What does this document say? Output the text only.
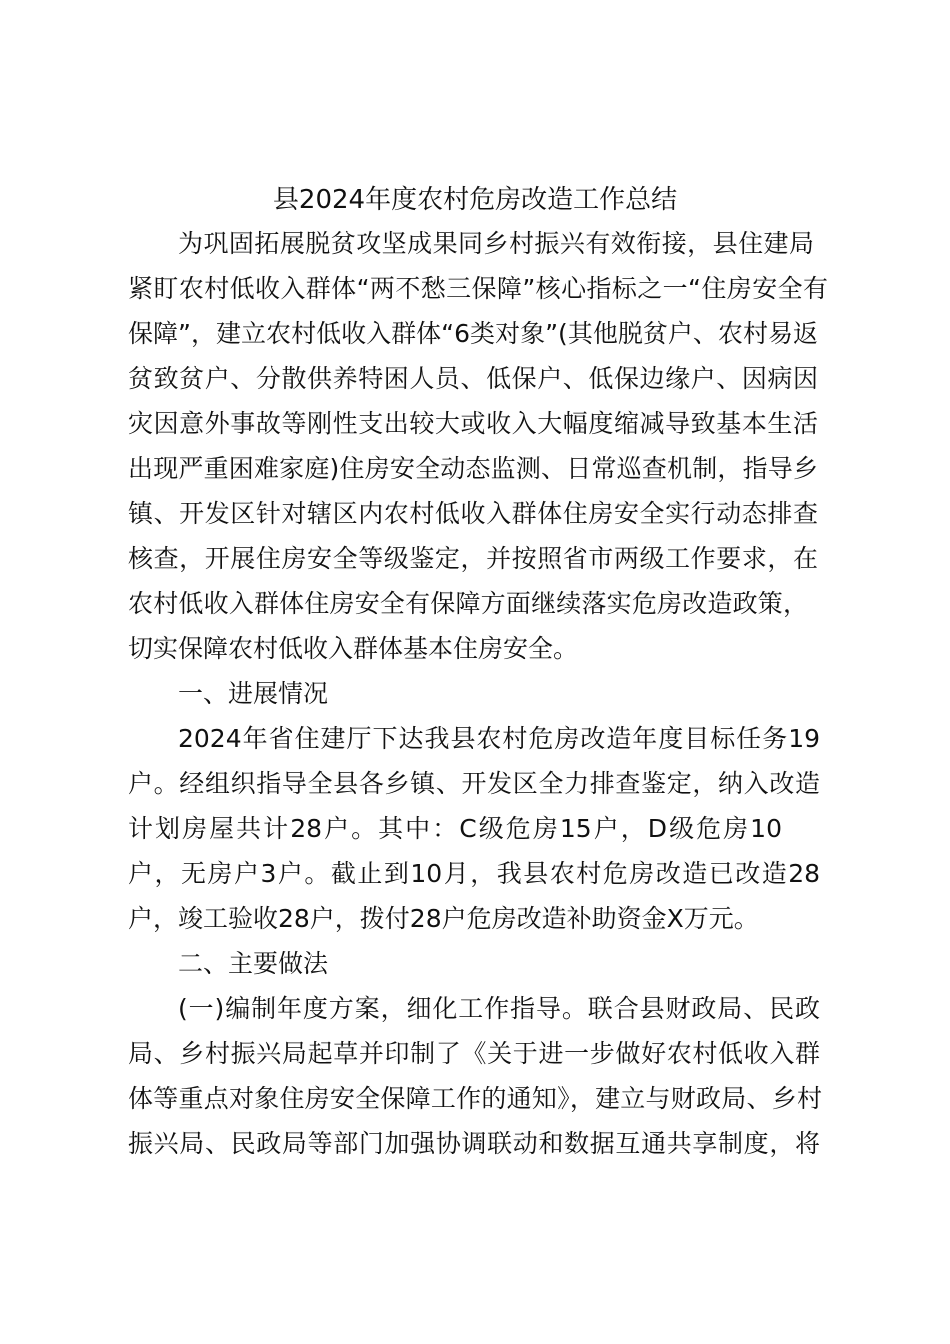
县2024年度农村危房改造工作总结
为巩固拓展脱贫攻坚成果同乡村振兴有效衔接，县住建局
紧盯农村低收入群体“两不愁三保障”核心指标之一“住房安全有
保障”，建立农村低收入群体“6类对象”(其他脱贫户、农村易返
贫致贫户、分散供养特困人员、低保户、低保边缘户、因病因
灾因意外事故等刚性支出较大或收入大幅度缩减导致基本生活
出现严重困难家庭)住房安全动态监测、日常巡查机制，指导乡
镇、开发区针对辖区内农村低收入群体住房安全实行动态排查
核查，开展住房安全等级鉴定，并按照省市两级工作要求，在
农村低收入群体住房安全有保障方面继续落实危房改造政策，
切实保障农村低收入群体基本住房安全。
一、进展情况
2024年省住建厅下达我县农村危房改造年度目标任务19
户。经组织指导全县各乡镇、开发区全力排查鉴定，纳入改造
计划房屋共计28户。其中：C级危房15户，D级危房10
户，无房户3户。截止到10月，我县农村危房改造已改造28
户，竣工验收28户，拨付28户危房改造补助资金X万元。
二、主要做法
(一)编制年度方案，细化工作指导。联合县财政局、民政
局、乡村振兴局起草并印制了《关于进一步做好农村低收入群
体等重点对象住房安全保障工作的通知》，建立与财政局、乡村
振兴局、民政局等部门加强协调联动和数据互通共享制度，将
